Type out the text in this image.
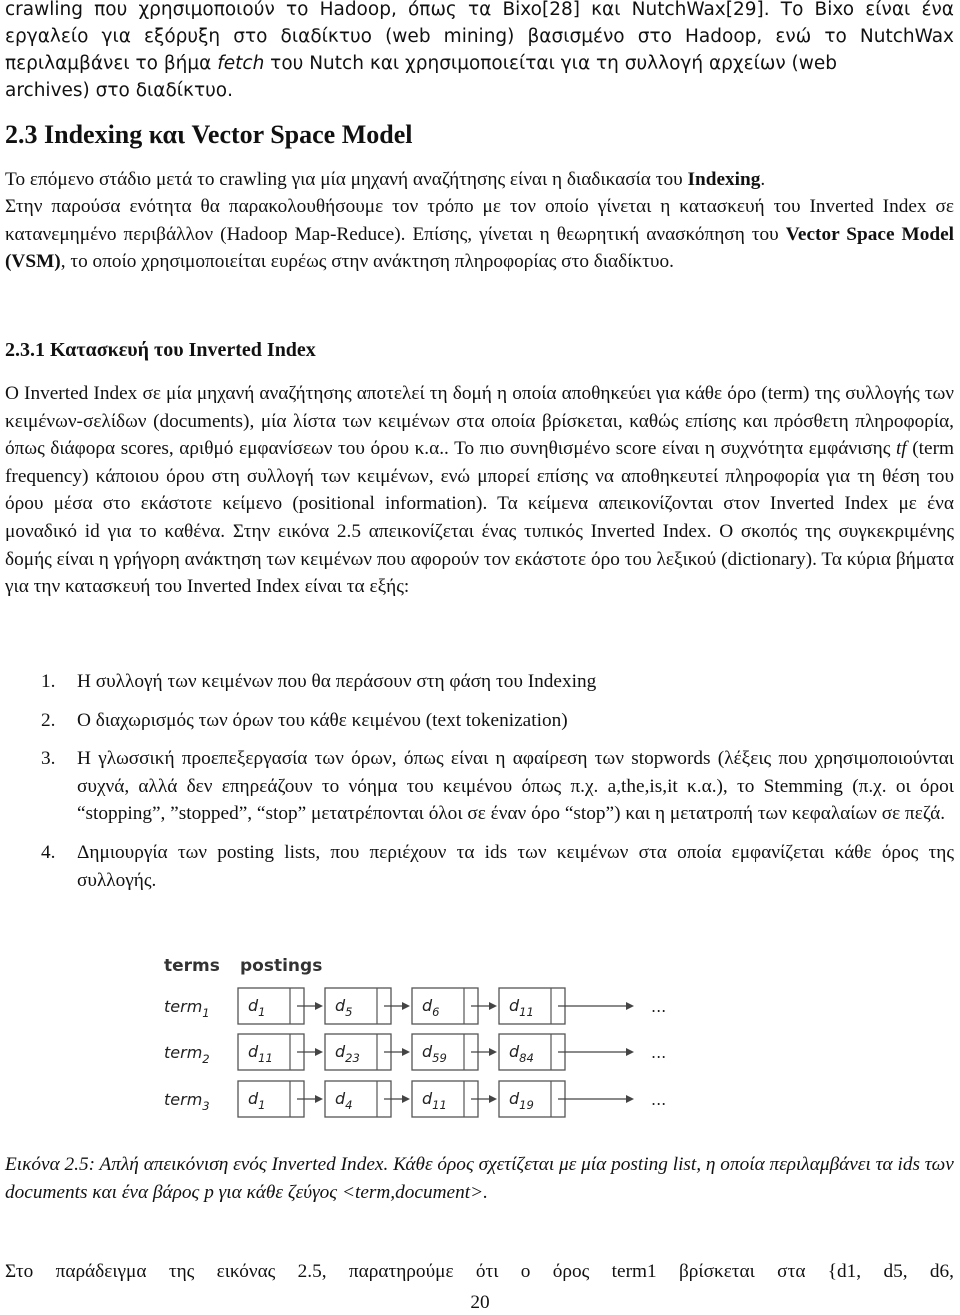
crawling που χρησιμοποιούν το Hadoop, όπως τα Bixo[28] και NutchWax[29]. Το Bixo είναι ένα
εργαλείο για εξόρυξη στο διαδίκτυο (web mining) βασισμένο στο Hadoop, ενώ το NutchWax
περιλαμβάνει το βήμα fetch του Nutch και χρησιμοποιείται για τη συλλογή αρχείων (web
archives) στο διαδίκτυο.
2.3 Indexing και Vector Space Model
Το επόμενο στάδιο μετά το crawling για μία μηχανή αναζήτησης είναι η διαδικασία του Indexing.

Στην παρούσα ενότητα θα παρακολουθήσουμε τον τρόπο με τον οποίο γίνεται η κατασκευή του Inverted Index σε κατανεμημένο περιβάλλον (Hadoop Map-Reduce). Επίσης, γίνεται η θεωρητική ανασκόπηση του Vector Space Model (VSM), το οποίο χρησιμοποιείται ευρέως στην ανάκτηση πληροφορίας στο διαδίκτυο.

2.3.1 Κατασκευή του Inverted Index

O Inverted Index σε μία μηχανή αναζήτησης αποτελεί τη δομή η οποία αποθηκεύει για κάθε όρο (term) της συλλογής των κειμένων-σελίδων (documents), μία λίστα των κειμένων στα οποία βρίσκεται, καθώς επίσης και πρόσθετη πληροφορία, όπως διάφορα scores, αριθμό εμφανίσεων του όρου κ.α.. Το πιο συνηθισμένο score είναι η συχνότητα εμφάνισης tf (term frequency) κάποιου όρου στη συλλογή των κειμένων, ενώ μπορεί επίσης να αποθηκευτεί πληροφορία για τη θέση του όρου μέσα στο εκάστοτε κείμενο (positional information). Τα κείμενα απεικονίζονται στον Inverted Index με ένα μοναδικό id για το καθένα. Στην εικόνα 2.5 απεικονίζεται ένας τυπικός Inverted Index. Ο σκοπός της συγκεκριμένης δομής είναι η γρήγορη ανάκτηση των κειμένων που αφορούν τον εκάστοτε όρο του λεξικού (dictionary). Τα κύρια βήματα για την κατασκευή του Inverted Index είναι τα εξής:

1. Η συλλογή των κειμένων που θα περάσουν στη φάση του Indexing
2. Ο διαχωρισμός των όρων του κάθε κειμένου (text tokenization)
3. Η γλωσσική προεπεξεργασία των όρων, όπως είναι η αφαίρεση των stopwords (λέξεις που χρησιμοποιούνται συχνά, αλλά δεν επηρεάζουν το νόημα του κειμένου όπως π.χ. a,the,is,it κ.α.), το Stemming (π.χ. οι όροι “stopping”, ”stopped”, “stop” μετατρέπονται όλοι σε έναν όρο “stop”) και η μετατροπή των κεφαλαίων σε πεζά.
4. Δημιουργία των posting lists, που περιέχουν τα ids των κειμένων στα οποία εμφανίζεται κάθε όρος της συλλογής.
terms postings
term$_1$ $d_1$	$d_5$	$d_6$	$d_{11}$	...
term$_2$ $d_{11}$	$d_{23}$	$d_{59}$	$d_{84}$	...
term$_3$ $d_1$	$d_4$	$d_{11}$	$d_{19}$	...

Εικόνα 2.5: Απλή απεικόνιση ενός Inverted Index. Κάθε όρος σχετίζεται με μία posting list, η οποία περιλαμβάνει τα ids των documents και ένα βάρος p για κάθε ζεύγος <term,document>.

Στο παράδειγμα της εικόνας 2.5, παρατηρούμε ότι ο όρος term1 βρίσκεται στα {d1, d5, d6,
20
